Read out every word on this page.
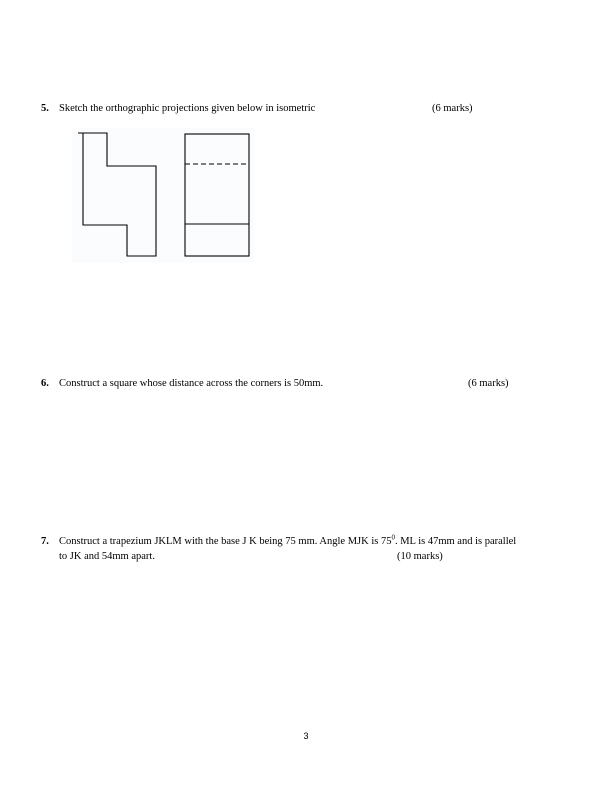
5. Sketch the orthographic projections given below in isometric	(6 marks)
6. Construct a square whose distance across the corners is 50mm.	(6 marks)
7. Construct a trapezium JKLM with the base J K being 75 mm. Angle MJK is $75^0$. ML is 47mm and is parallel
to JK and 54mm apart.	(10 marks)
3
